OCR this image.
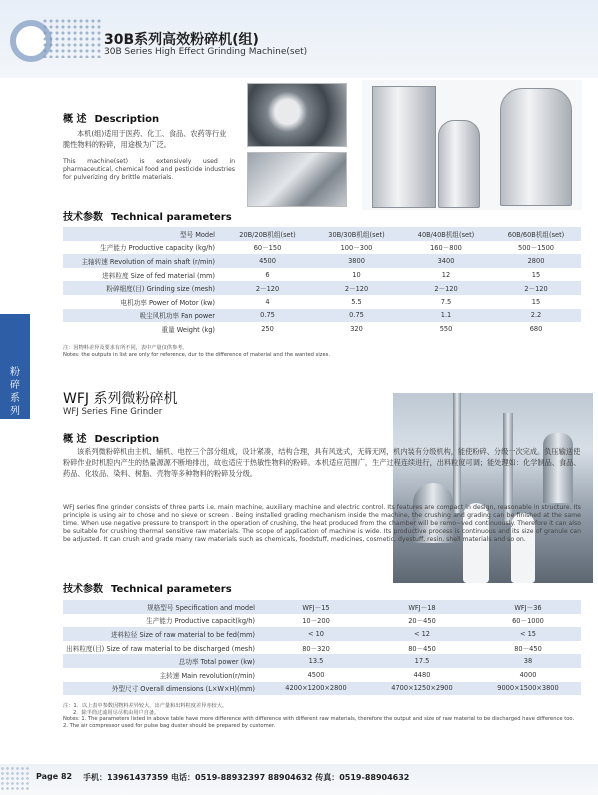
30B系列高效粉碎机(组)
30B Series High Effect Grinding Machine(set)
粉碎系列
概 述 Description
本机(组)适用于医药、化工、食品、农药等行业脆性物料的粉碎，用途极为广泛。
This machine(set) is extensively used in pharmaceutical, chemical food and pesticide industries for pulverizing dry brittle materials.
技术参数 Technical parameters
型号 Model	20B/20B机组(set)	30B/30B机组(set)	40B/40B机组(set)	60B/60B机组(set)
生产能力 Productive capacity (kg/h)	60－150	100－300	160－800	500－1500
主轴转速 Revolution of main shaft (r/min)	4500	3800	3400	2800
进料粒度 Size of fed material (mm)	6	10	12	15
粉碎细度(目) Grinding size (mesh)	2－120	2－120	2－120	2－120
电机功率 Power of Motor (kw)	4	5.5	7.5	15
吸尘风机功率 Fan power	0.75	0.75	1.1	2.2
重量 Weight (kg)	250	320	550	680
注：因物料差异及要求有所不同，表中产量仅供参考。
Notes: the outputs in list are only for reference, dur to the difference of material and the wanted sizes.
WFJ 系列微粉碎机
WFJ Series Fine Grinder
概 述 Description
该系列微粉碎机由主机、辅机、电控三个部分组成，设计紧凑，结构合理，具有风选式，无筛无网，机内装有分级机构，能使粉碎、分级一次完成。负压输送使粉碎作业时机腔内产生的热量源源不断地排出，故也适应于热敏性物料的粉碎。本机适应范围广，生产过程连续进行，出料粒度可调；能处理如：化学制品、食品、药品、化妆品、染料、树脂、壳物等多种物料的粉碎及分级。
WFJ series fine grinder consists of three parts i.e. main machine, auxiliary machine and electric control. Its features are compact in design, reasonable in structure. Its principle is using air to chose and no sieve or screen . Being installed grading mechanism inside the machine, the crushing and grading can be finished at the same time. When use negative pressure to transport in the operation of crushing, the heat produced from the chamber will be remo~ved continuously. Therefore it can also be suitable for crushing thermal sensitive raw materials. The scope of application of machine is wide. Its productive process is continuous and its size of granule can be adjusted. It can crush and grade many raw materials such as chemicals, foodstuff, medicines, cosmetic, dyestuff, resin, shell materials and so on.
技术参数 Technical parameters
规格型号 Specification and model	WFJ－15	WFJ－18	WFJ－36
生产能力 Productive capacit(kg/h)	10－200	20－450	60－1000
进料粒径 Size of raw material to be fed(mm)	< 10	< 12	< 15
出料粒度(目) Size of raw material to be discharged (mesh)	80－320	80－450	80－450
总功率 Total power (kw)	13.5	17.5	38
主转速 Main revolution(r/min)	4500	4480	4000
外型尺寸 Overall dimensions (L×W×H)(mm)	4200×1200×2800	4700×1250×2900	9000×1500×3800
注：1．以上表中参数因物料差异较大，出产量和出料粒度差异亦较大。
2．除半筒过滤用尽尽机由用户自备。
Notes: 1. The parameters listed in above table have more difference with difference with different raw materials, therefore the output and size of raw material to be discharged have difference too.
2. The air compressor used for pulse bag duster should be prepared by customer.
Page 82 手机：13961437359 电话：0519-88932397 88904632 传真：0519-88904632
